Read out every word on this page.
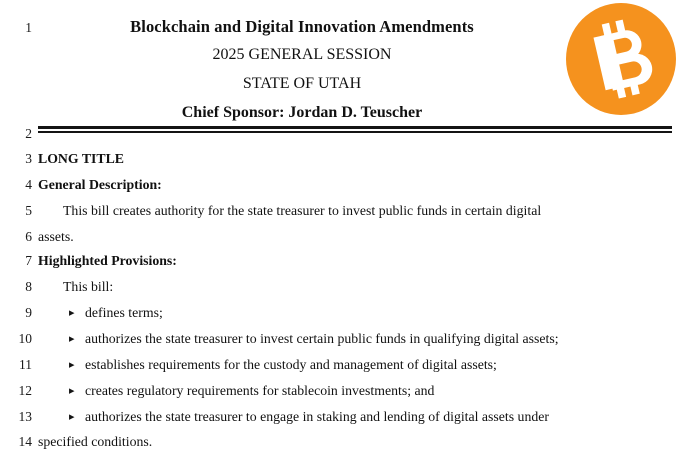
1
2
3
4
5
6
7
8
9
10
11
12
13
14
Blockchain and Digital Innovation Amendments
2025 GENERAL SESSION
STATE OF UTAH
Chief Sponsor: Jordan D. Teuscher
LONG TITLE
General Description:
This bill creates authority for the state treasurer to invest public funds in certain digital
assets.
Highlighted Provisions:
This bill:
▸ defines terms;
▸ authorizes the state treasurer to invest certain public funds in qualifying digital assets;
▸ establishes requirements for the custody and management of digital assets;
▸ creates regulatory requirements for stablecoin investments; and
▸ authorizes the state treasurer to engage in staking and lending of digital assets under
specified conditions.
